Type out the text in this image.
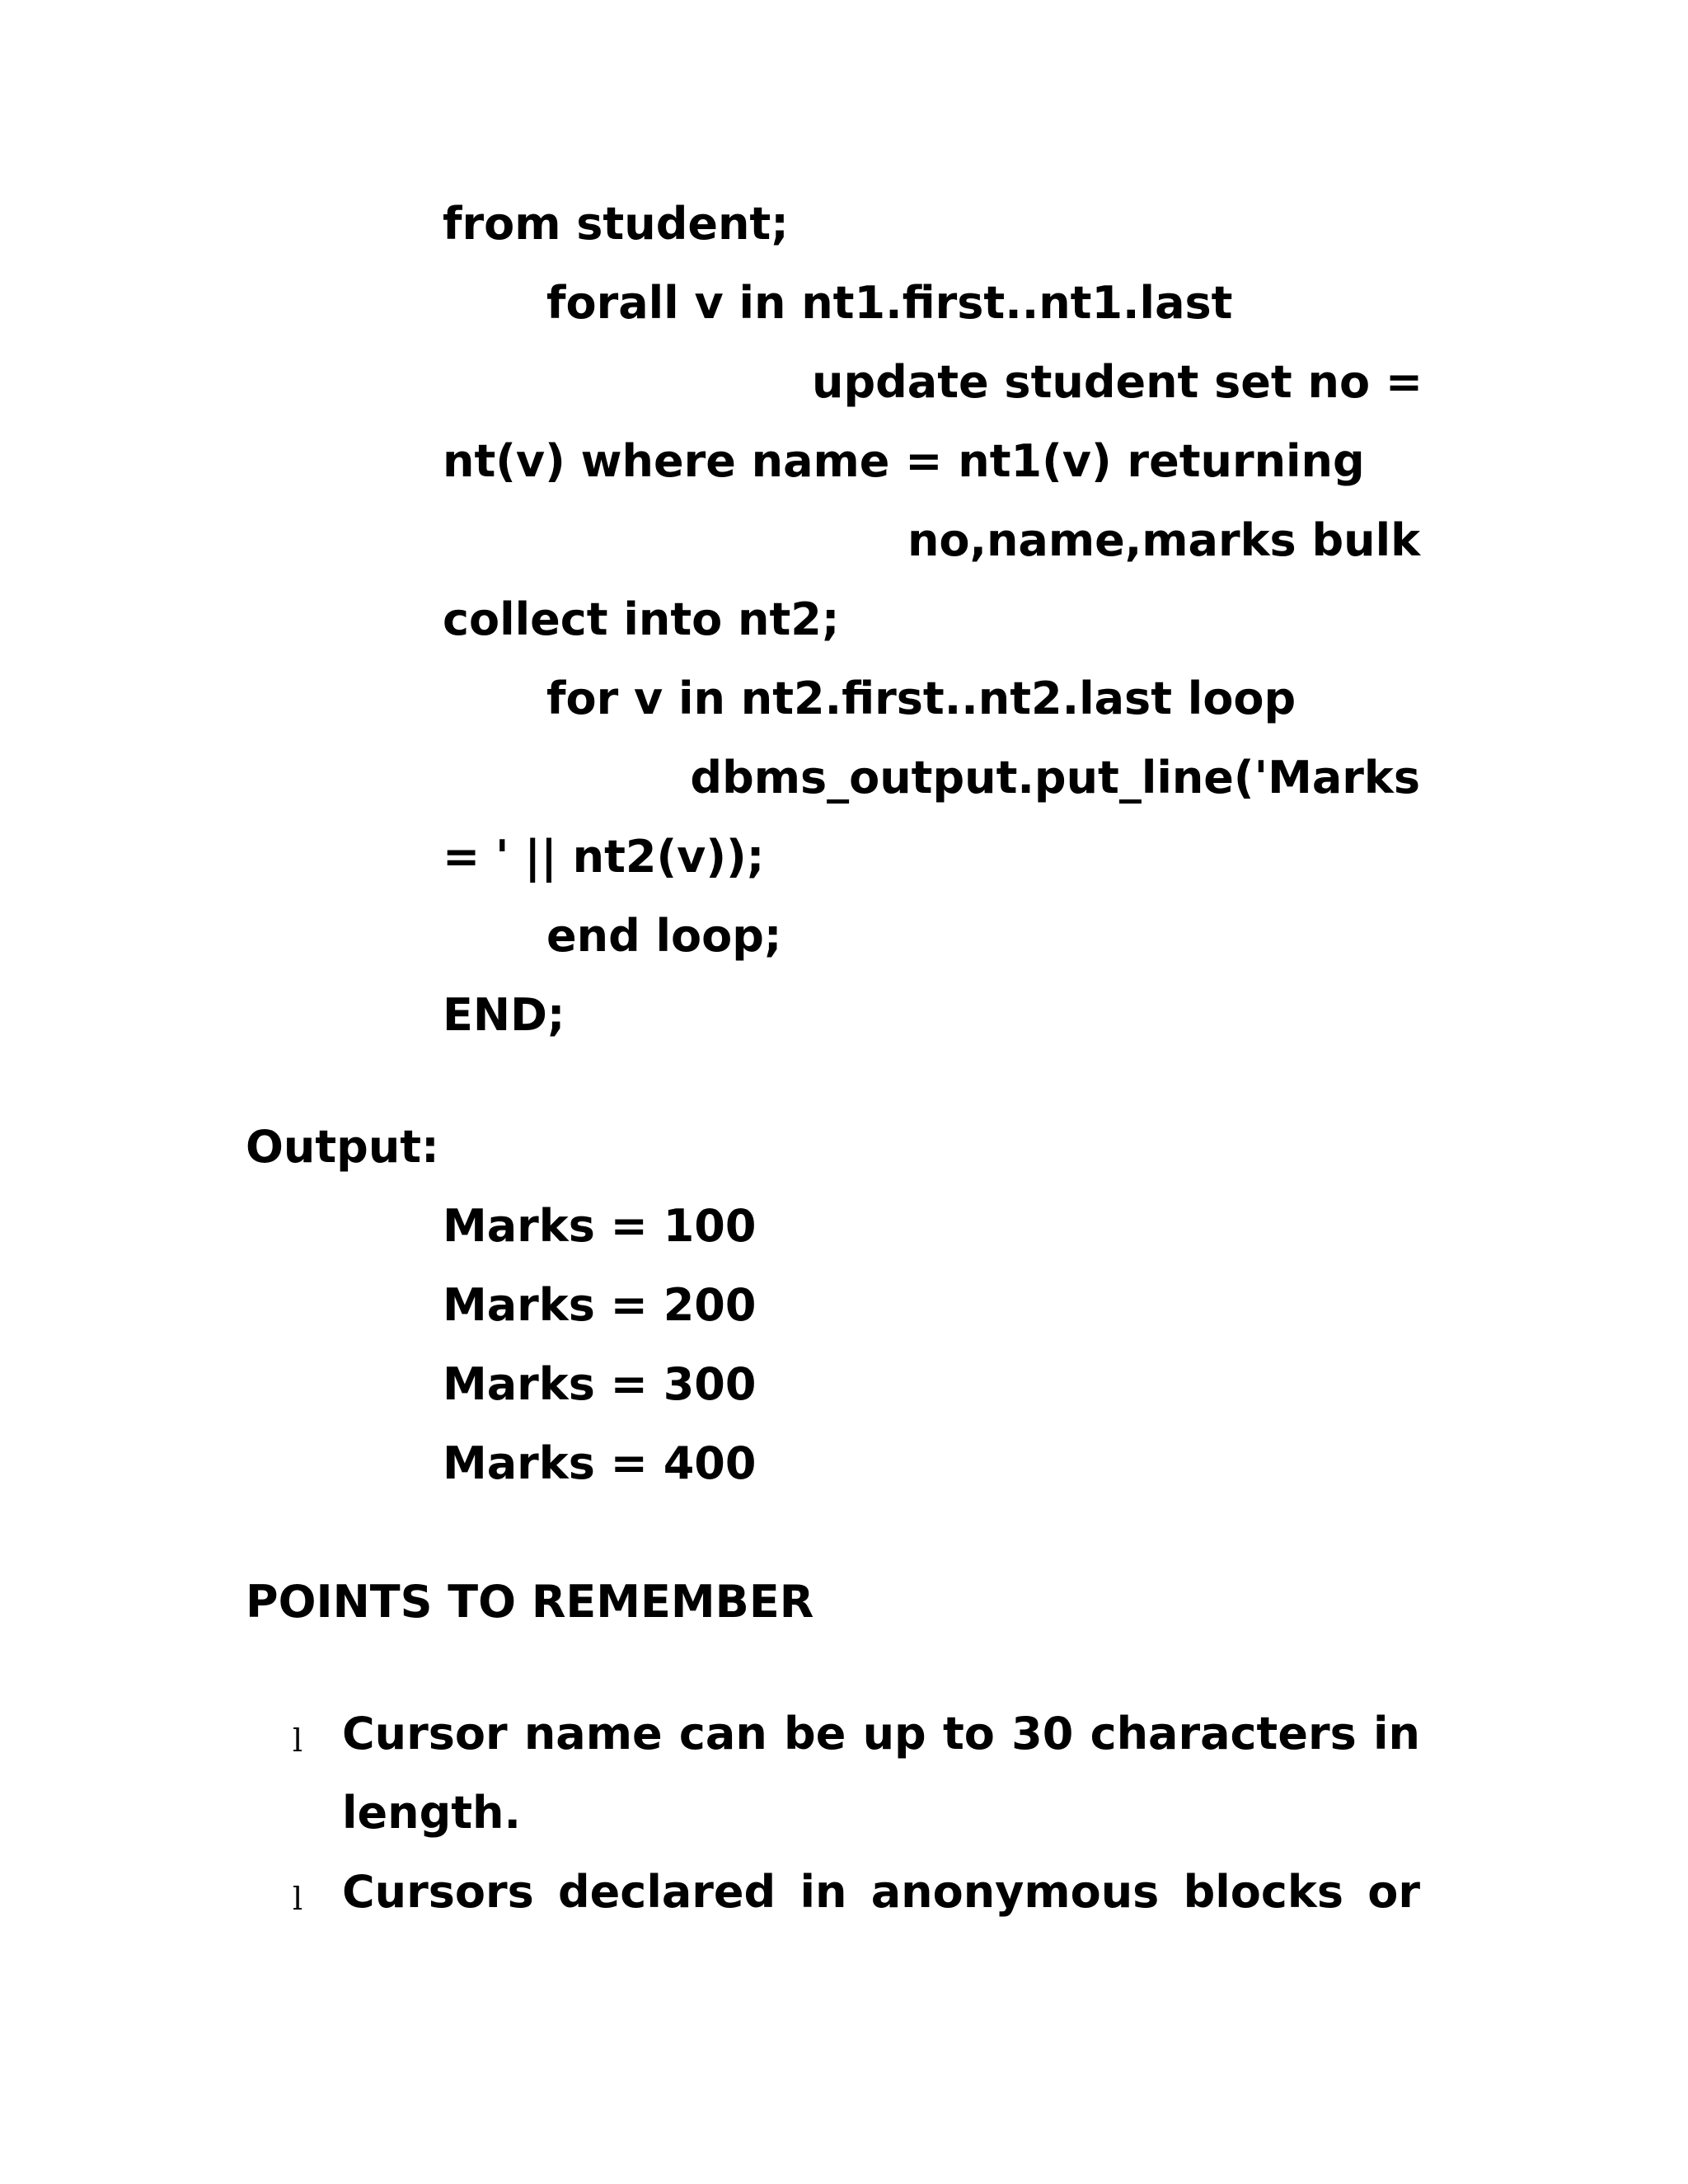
from student;
forall v in nt1.first..nt1.last
update student set no =
nt(v) where name = nt1(v) returning
no,name,marks bulk
collect into nt2;
for v in nt2.first..nt2.last loop
dbms_output.put_line('Marks
= ' || nt2(v));
end loop;
END;
Output:
Marks = 100
Marks = 200
Marks = 300
Marks = 400
POINTS TO REMEMBER
l Cursor name can be up to 30 characters in
length.
l Cursors declared in anonymous blocks or
